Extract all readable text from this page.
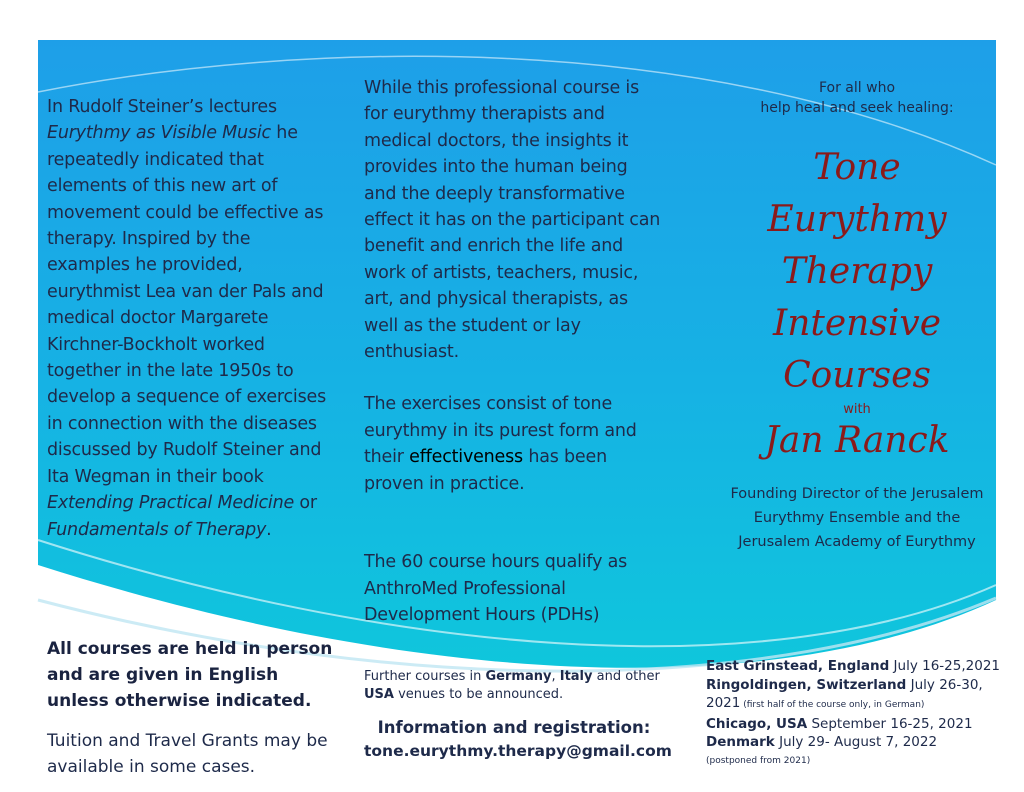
In Rudolf Steiner’s lectures Eurythmy as Visible Music he repeatedly indicated that elements of this new art of movement could be effective as therapy. Inspired by the examples he provided, eurythmist Lea van der Pals and medical doctor Margarete Kirchner-Bockholt worked together in the late 1950s to develop a sequence of exercises in connection with the diseases discussed by Rudolf Steiner and Ita Wegman in their book Extending Practical Medicine or Fundamentals of Therapy.

While this professional course is for eurythmy therapists and medical doctors, the insights it provides into the human being and the deeply transformative effect it has on the participant can benefit and enrich the life and work of artists, teachers, music, art, and physical therapists, as well as the student or lay enthusiast.

The exercises consist of tone eurythmy in its purest form and their effectiveness has been proven in practice.

The 60 course hours qualify as AnthroMed Professional Development Hours (PDHs)

For all who
help heal and seek healing:
Tone
Eurythmy
Therapy
Intensive
Courses
with
Jan Ranck
Founding Director of the Jerusalem Eurythmy Ensemble and the Jerusalem Academy of Eurythmy
All courses are held in person and are given in English unless otherwise indicated.
Tuition and Travel Grants may be available in some cases.
Further courses in Germany, Italy and other USA venues to be announced.
Information and registration:
tone.eurythmy.therapy@gmail.com
East Grinstead, England July 16-25,2021
Ringoldingen, Switzerland July 26-30, 2021 (first half of the course only, in German)
Chicago, USA September 16-25, 2021
Denmark July 29- August 7, 2022
(postponed from 2021)
